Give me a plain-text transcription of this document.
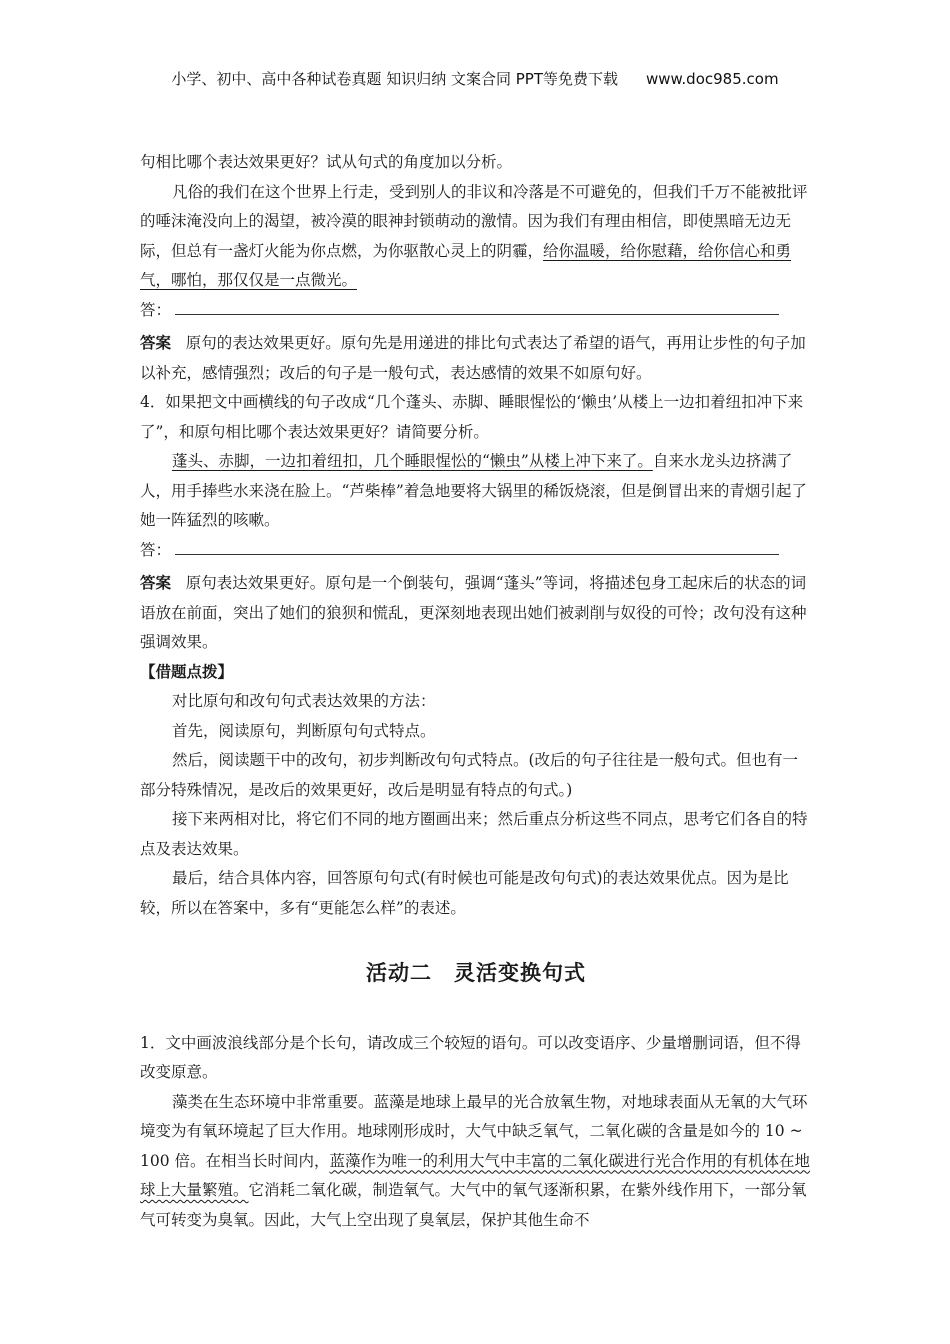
小学、初中、高中各种试卷真题 知识归纳 文案合同 PPT等免费下载 www.doc985.com

句相比哪个表达效果更好？试从句式的角度加以分析。

凡俗的我们在这个世界上行走，受到别人的非议和冷落是不可避免的，但我们千万不能被批评的唾沫淹没向上的渴望，被冷漠的眼神封锁萌动的激情。因为我们有理由相信，即使黑暗无边无际，但总有一盏灯火能为你点燃，为你驱散心灵上的阴霾，给你温暖，给你慰藉，给你信心和勇气，哪怕，那仅仅是一点微光。

答：

答案 原句的表达效果更好。原句先是用递进的排比句式表达了希望的语气，再用让步性的句子加以补充，感情强烈；改后的句子是一般句式，表达感情的效果不如原句好。

4．如果把文中画横线的句子改成“几个蓬头、赤脚、睡眼惺忪的‘懒虫’从楼上一边扣着纽扣冲下来了”，和原句相比哪个表达效果更好？请简要分析。

蓬头、赤脚，一边扣着纽扣，几个睡眼惺忪的“懒虫”从楼上冲下来了。自来水龙头边挤满了人，用手捧些水来浇在脸上。“芦柴棒”着急地要将大锅里的稀饭烧滚，但是倒冒出来的青烟引起了她一阵猛烈的咳嗽。

答：

答案 原句表达效果更好。原句是一个倒装句，强调“蓬头”等词，将描述包身工起床后的状态的词语放在前面，突出了她们的狼狈和慌乱，更深刻地表现出她们被剥削与奴役的可怜；改句没有这种强调效果。

【借题点拨】

对比原句和改句句式表达效果的方法：

首先，阅读原句，判断原句句式特点。

然后，阅读题干中的改句，初步判断改句句式特点。(改后的句子往往是一般句式。但也有一部分特殊情况，是改后的效果更好，改后是明显有特点的句式。)

接下来两相对比，将它们不同的地方圈画出来；然后重点分析这些不同点，思考它们各自的特点及表达效果。

最后，结合具体内容，回答原句句式(有时候也可能是改句句式)的表达效果优点。因为是比较，所以在答案中，多有“更能怎么样”的表述。

活动二　灵活变换句式

1．文中画波浪线部分是个长句，请改成三个较短的语句。可以改变语序、少量增删词语，但不得改变原意。

藻类在生态环境中非常重要。蓝藻是地球上最早的光合放氧生物，对地球表面从无氧的大气环境变为有氧环境起了巨大作用。地球刚形成时，大气中缺乏氧气，二氧化碳的含量是如今的 10 ~ 100 倍。在相当长时间内，蓝藻作为唯一的利用大气中丰富的二氧化碳进行光合作用的有机体在地球上大量繁殖。它消耗二氧化碳，制造氧气。大气中的氧气逐渐积累，在紫外线作用下，一部分氧气可转变为臭氧。因此，大气上空出现了臭氧层，保护其他生命不
